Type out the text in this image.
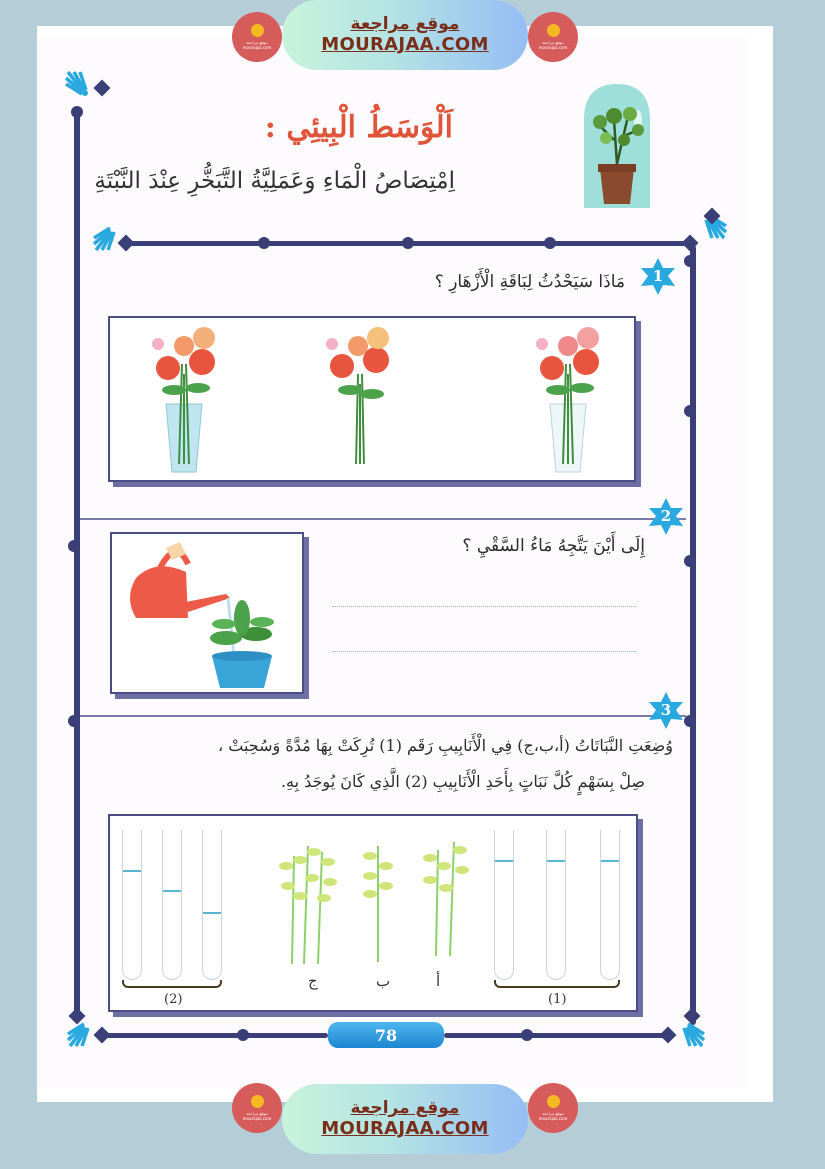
موقع مراجعة
mourajaa.com
موقع مراجعة
MOURAJAA.COM	موقع مراجعة
mourajaa.com
اَلْوَسَطُ الْبِيئِي :
اِمْتِصَاصُ الْمَاءِ وَعَمَلِيَّةُ التَّبَخُّرِ عِنْدَ النَّبْتَةِ
1
مَاذَا سَيَحْدُثُ لِبَاقَةِ الْأَزْهَارِ ؟
2
إِلَى أَيْنَ يَتَّجِهُ مَاءُ السَّقْيِ ؟
3
وُضِعَتِ النَّبَاتَاتُ (أ،ب،ج) فِي الْأَنَابِيبِ رَقَم (1) تُرِكَتْ بِهَا مُدَّةً وَسُحِبَتْ ،
صِلْ بِسَهْمٍ كُلَّ نَبَاتٍ بِأَحَدِ الْأَنَابِيبِ (2) الَّذِي كَانَ يُوجَدُ بِهِ.
(2)
ج	ب	أ
(1)
78
موقع مراجعة
mourajaa.com
موقع مراجعة
MOURAJAA.COM
موقع مراجعة
mourajaa.com
